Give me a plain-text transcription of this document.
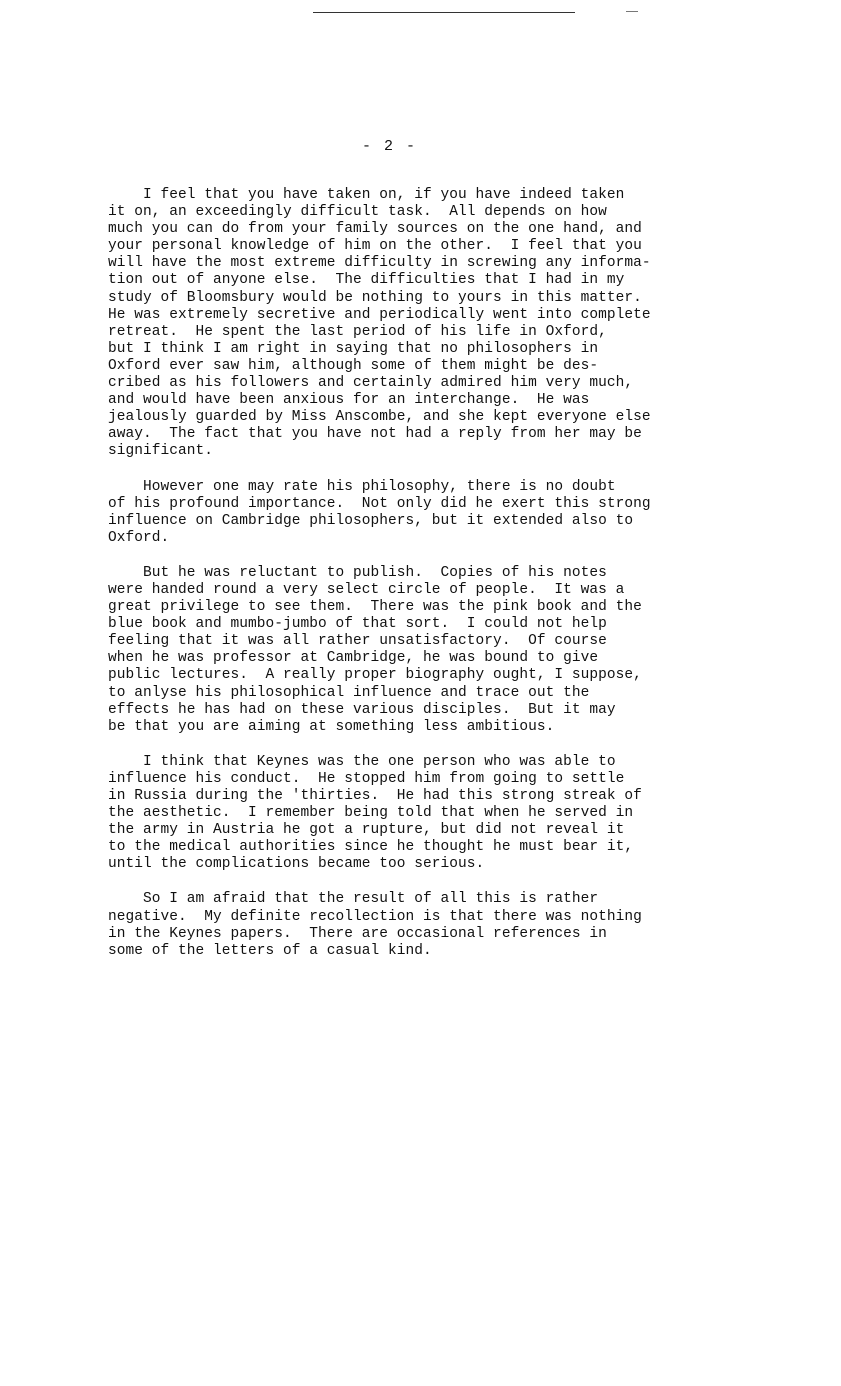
- 2 -
I feel that you have taken on, if you have indeed taken
it on, an exceedingly difficult task.  All depends on how
much you can do from your family sources on the one hand, and
your personal knowledge of him on the other.  I feel that you
will have the most extreme difficulty in screwing any informa-
tion out of anyone else.  The difficulties that I had in my
study of Bloomsbury would be nothing to yours in this matter.
He was extremely secretive and periodically went into complete
retreat.  He spent the last period of his life in Oxford,
but I think I am right in saying that no philosophers in
Oxford ever saw him, although some of them might be des-
cribed as his followers and certainly admired him very much,
and would have been anxious for an interchange.  He was
jealously guarded by Miss Anscombe, and she kept everyone else
away.  The fact that you have not had a reply from her may be
significant.
However one may rate his philosophy, there is no doubt
of his profound importance.  Not only did he exert this strong
influence on Cambridge philosophers, but it extended also to
Oxford.
But he was reluctant to publish.  Copies of his notes
were handed round a very select circle of people.  It was a
great privilege to see them.  There was the pink book and the
blue book and mumbo-jumbo of that sort.  I could not help
feeling that it was all rather unsatisfactory.  Of course
when he was professor at Cambridge, he was bound to give
public lectures.  A really proper biography ought, I suppose,
to anlyse his philosophical influence and trace out the
effects he has had on these various disciples.  But it may
be that you are aiming at something less ambitious.
I think that Keynes was the one person who was able to
influence his conduct.  He stopped him from going to settle
in Russia during the 'thirties.  He had this strong streak of
the aesthetic.  I remember being told that when he served in
the army in Austria he got a rupture, but did not reveal it
to the medical authorities since he thought he must bear it,
until the complications became too serious.
So I am afraid that the result of all this is rather
negative.  My definite recollection is that there was nothing
in the Keynes papers.  There are occasional references in
some of the letters of a casual kind.
